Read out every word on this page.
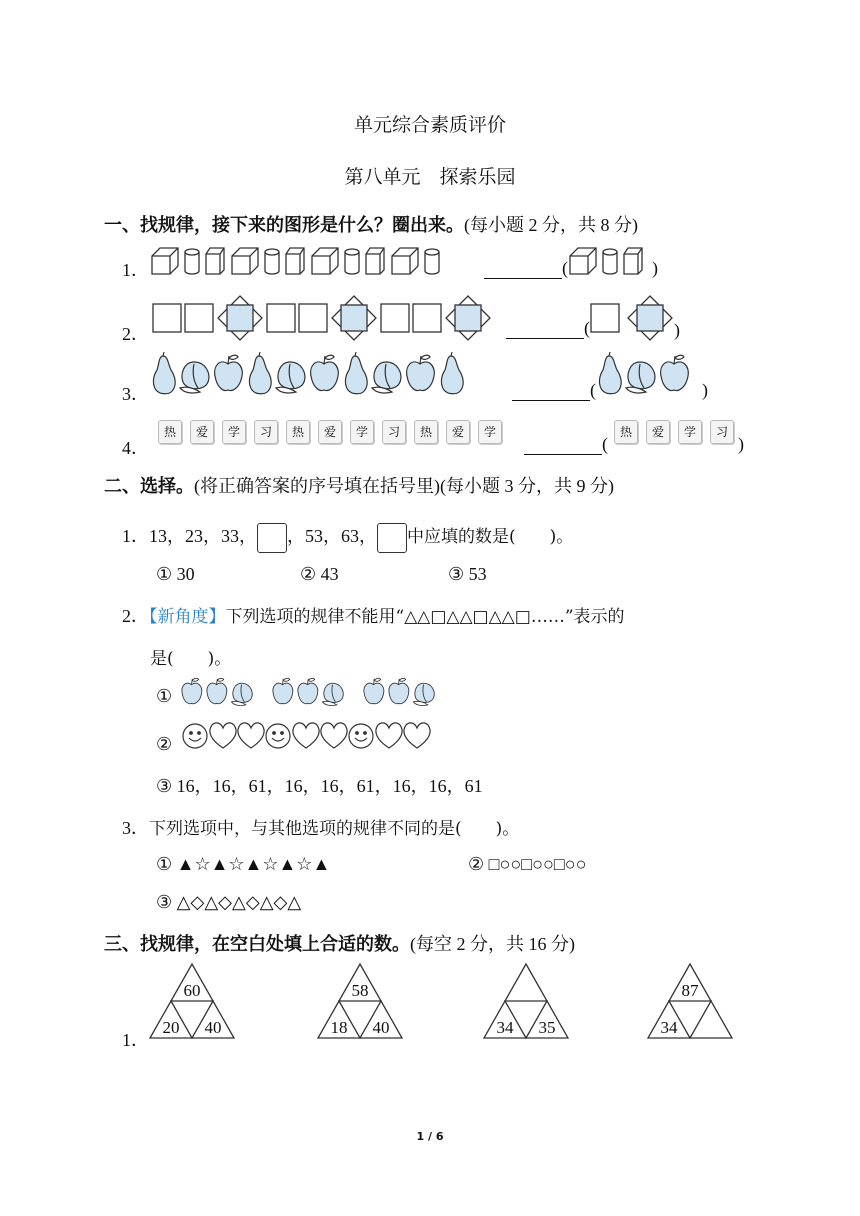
单元综合素质评价
第八单元　探索乐园
一、找规律，接下来的图形是什么？圈出来。(每小题 2 分，共 8 分)
1．	(	)
2．	(	)
3．	(	)
4．
热 爱 学 习 热 爱 学 习 热 爱 学
(
热 爱 学 习
)
二、选择。(将正确答案的序号填在括号里)(每小题 3 分，共 9 分)
1．13，23，33， ，53，63， 中应填的数是(　　)。
① 30	② 43	③ 53
2．【新角度】下列选项的规律不能用“△△□△△□△△□……”表示的
是(　　)。
①
②
③ 16，16，61，16，16，61，16，16，61
3．下列选项中，与其他选项的规律不同的是(　　)。
① ▲☆▲☆▲☆▲☆▲	② □○○□○○□○○
③ △◇△◇△◇△◇△
三、找规律，在空白处填上合适的数。(每空 2 分，共 16 分)
1．
60
20 40
58
18 40	34 35
87
34
1 / 6
